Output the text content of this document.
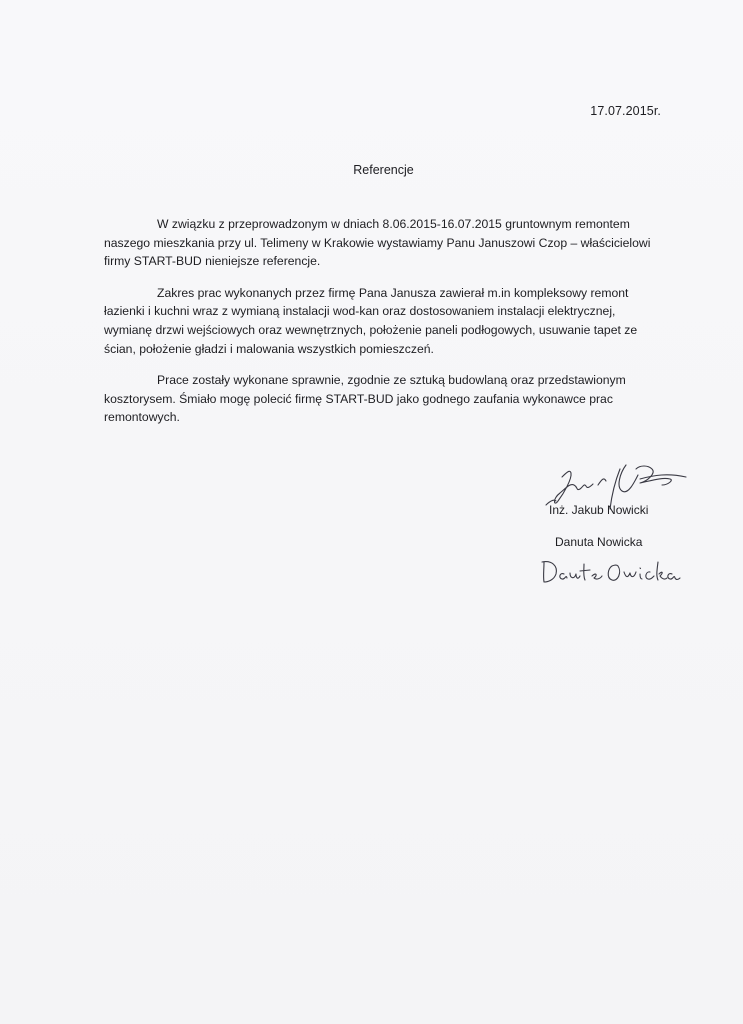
17.07.2015r.
Referencje

W związku z przeprowadzonym w dniach 8.06.2015-16.07.2015 gruntownym remontem
naszego mieszkania przy ul. Telimeny w Krakowie wystawiamy Panu Januszowi Czop – właścicielowi
firmy START-BUD nieniejsze referencje.

Zakres prac wykonanych przez firmę Pana Janusza zawierał m.in kompleksowy remont
łazienki i kuchni wraz z wymianą instalacji wod-kan oraz dostosowaniem instalacji elektrycznej,
wymianę drzwi wejściowych oraz wewnętrznych, położenie paneli podłogowych, usuwanie tapet ze
ścian, położenie gładzi i malowania wszystkich pomieszczeń.

Prace zostały wykonane sprawnie, zgodnie ze sztuką budowlaną oraz przedstawionym
kosztorysem. Śmiało mogę polecić firmę START-BUD jako godnego zaufania wykonawce prac
remontowych.

Inż. Jakub Nowicki
Danuta Nowicka
